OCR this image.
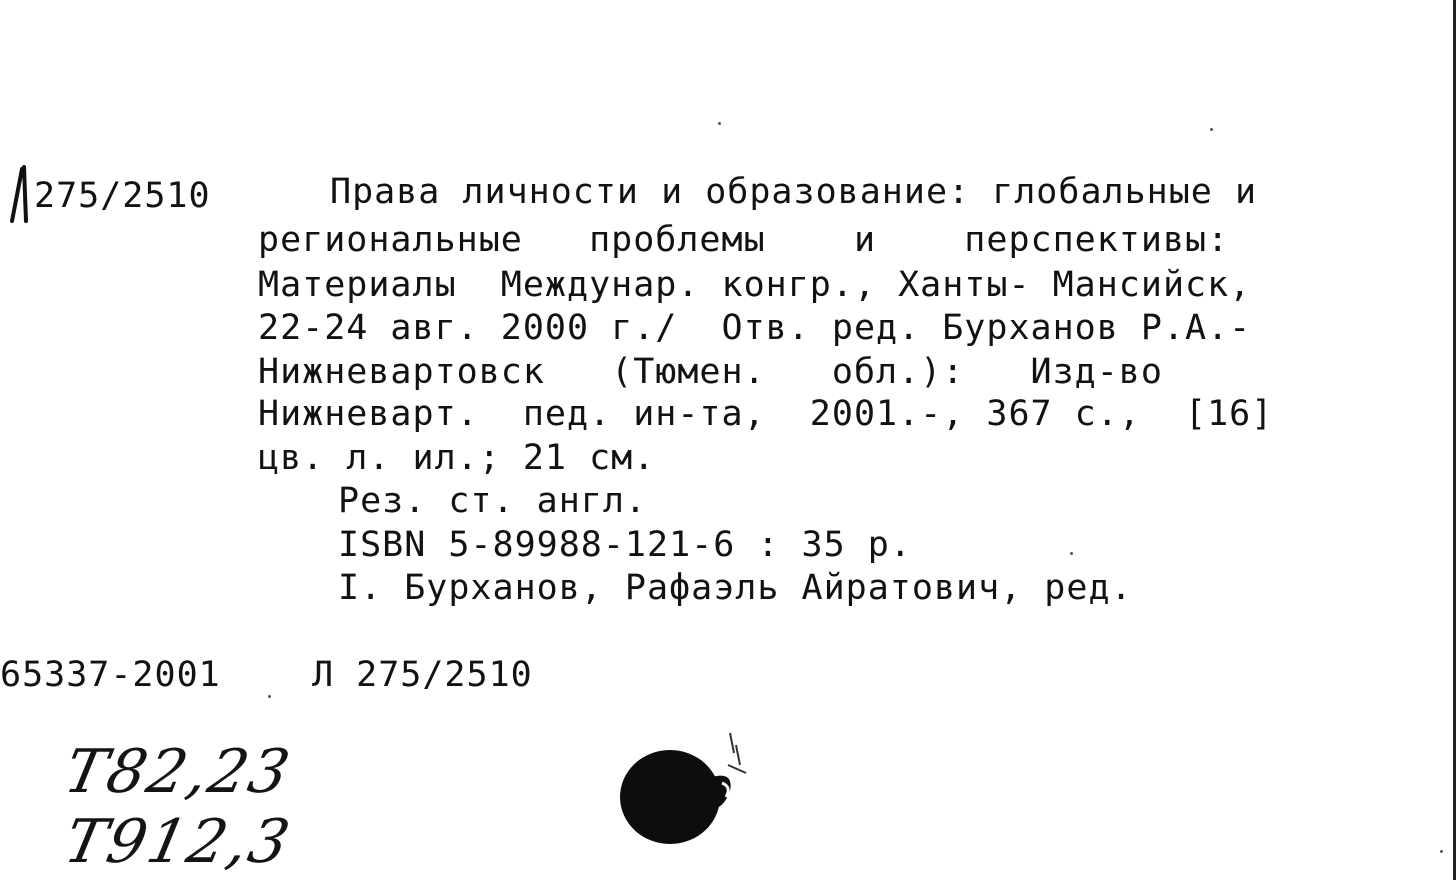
275/2510	Права личности и образование: глобальные и
региональные   проблемы    и    перспективы:
Материалы  Междунар. конгр., Ханты- Мансийск,
22-24 авг. 2000 г./  Отв. ред. Бурханов Р.А.-
Нижневартовск   (Тюмен.   обл.):   Изд-во
Нижневарт.  пед. ин-та,  2001.-, 367 с.,  [16]
цв. л. ил.; 21 см.
Рез. ст. англ.
ISBN 5-89988-121-6 : 35 р.
I. Бурханов, Рафаэль Айратович, ред.
65337-2001	Л 275/2510
Т82,23
Т912,3
